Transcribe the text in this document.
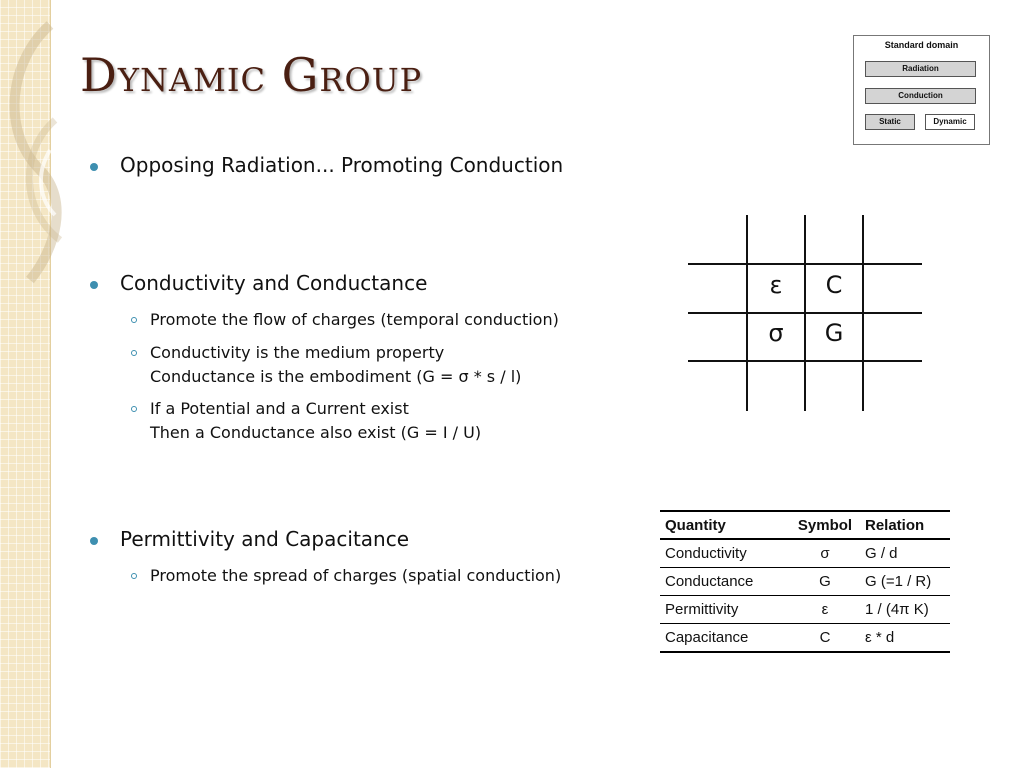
Dynamic Group
Standard domain
Radiation
Conduction
Static	Dynamic
Opposing Radiation... Promoting Conduction
Conductivity and Conductance
Promote the flow of charges (temporal conduction)
Conductivity is the medium property
Conductance is the embodiment (G = σ * s / l)
If a Potential and a Current exist
Then a Conductance also exist (G = I / U)
Permittivity and Capacitance
Promote the spread of charges (spatial conduction)
ε	C
σ	G
Quantity	Symbol	Relation
Conductivity	σ	G / d
Conductance	G	G (=1 / R)
Permittivity	ε	1 / (4π K)
Capacitance	C	ε * d
